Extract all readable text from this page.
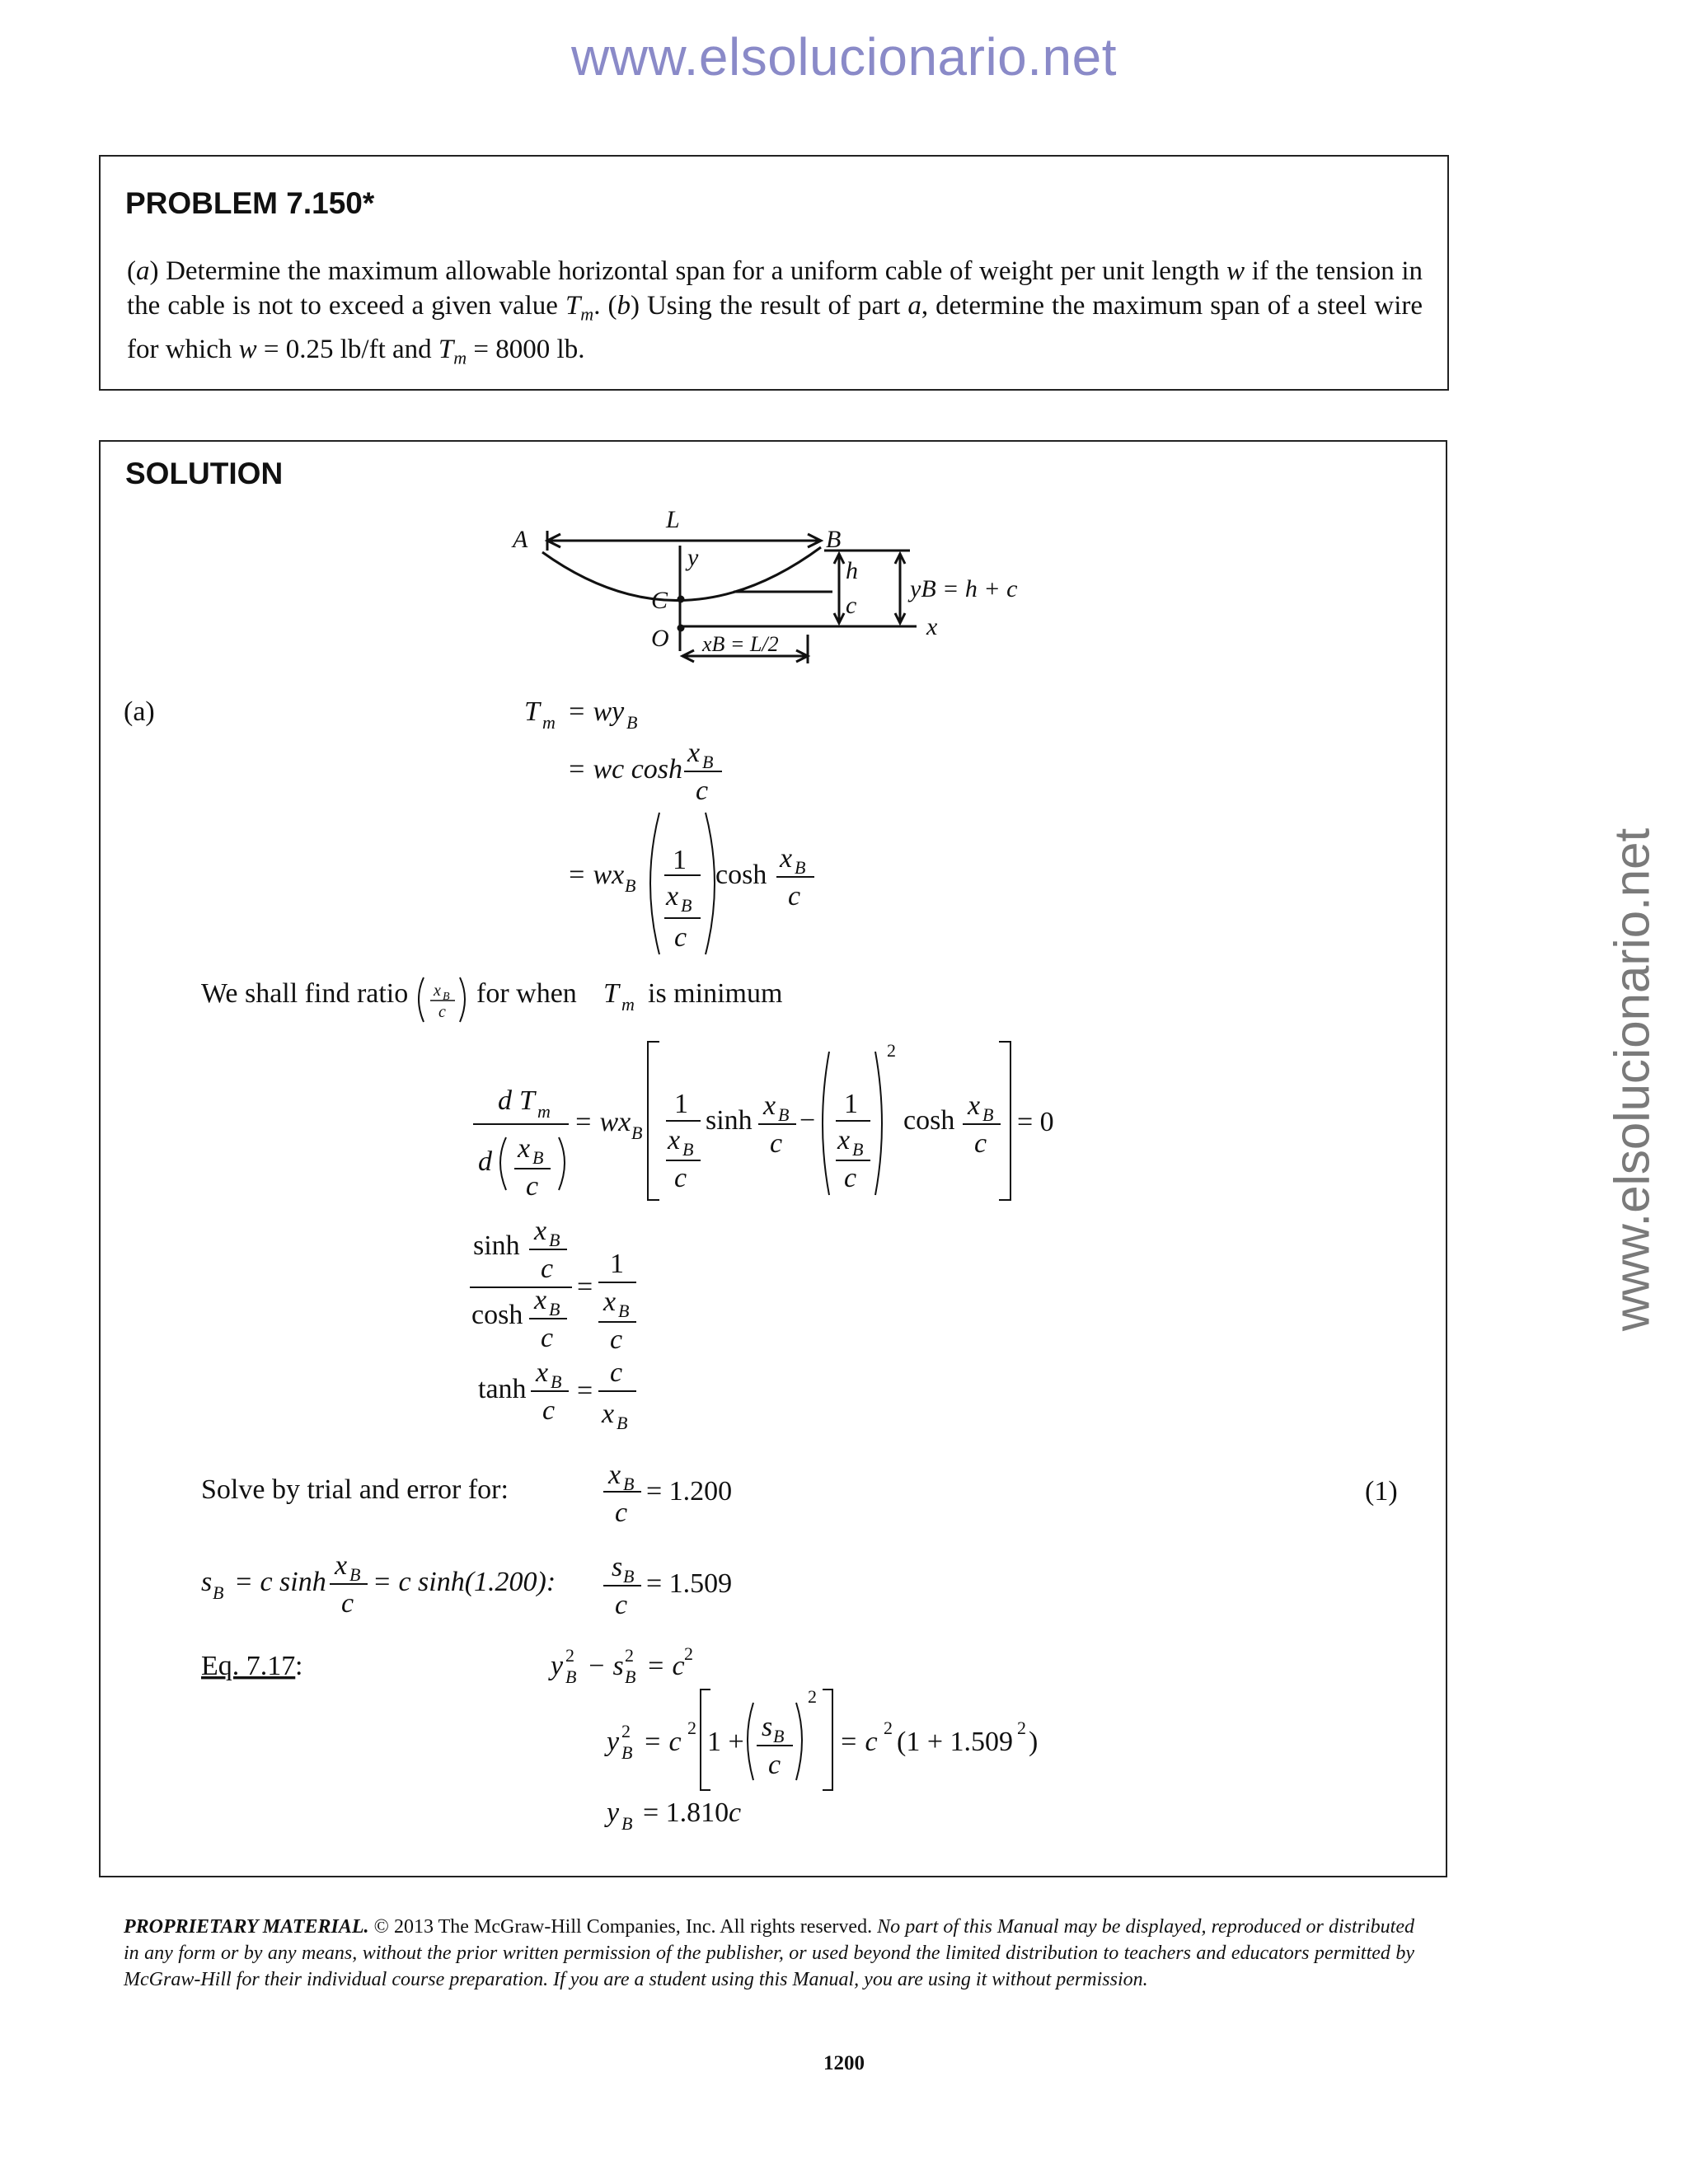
www.elsolucionario.net
www.elsolucionario.net
PROBLEM 7.150*
(a) Determine the maximum allowable horizontal span for a uniform cable of weight per unit length w if the tension in the cable is not to exceed a given value $T_m$. (b) Using the result of part a, determine the maximum span of a steel wire for which w = 0.25 lb/ft and $T_m = 8000$ lb.
SOLUTION
A	B
L
y
C
O
h
c
yB = h + c
x
xB = L/2
(a)	T m = wy B
= wc cosh
x B
c
= wx B
1
x B
c
cosh
x B
c
We shall find ratio x B
c
for when T m is minimum
d T m
d x B
c
= wx B
2
1
x B
c
sinh x B
c
−
1
x B
c
cosh x B
c
= 0
sinh x B
c
cosh x B
c
=
1
x B
c
tanh
x B
c
=
c
x B
Solve by trial and error for:	x B
c
= 1.200	(1)
s B = c sinh
x B
c
= c sinh(1.200): s B
c
= 1.509
Eq. 7.17 :	y 2
B − s 2
B = c 2
y 2
B = c 2 1 + s B
c
2
= c 2 (1 + 1.509 2 )
y B = 1.810 c
PROPRIETARY MATERIAL. © 2013 The McGraw-Hill Companies, Inc. All rights reserved. No part of this Manual may be displayed, reproduced or distributed in any form or by any means, without the prior written permission of the publisher, or used beyond the limited distribution to teachers and educators permitted by McGraw-Hill for their individual course preparation. If you are a student using this Manual, you are using it without permission.
1200
